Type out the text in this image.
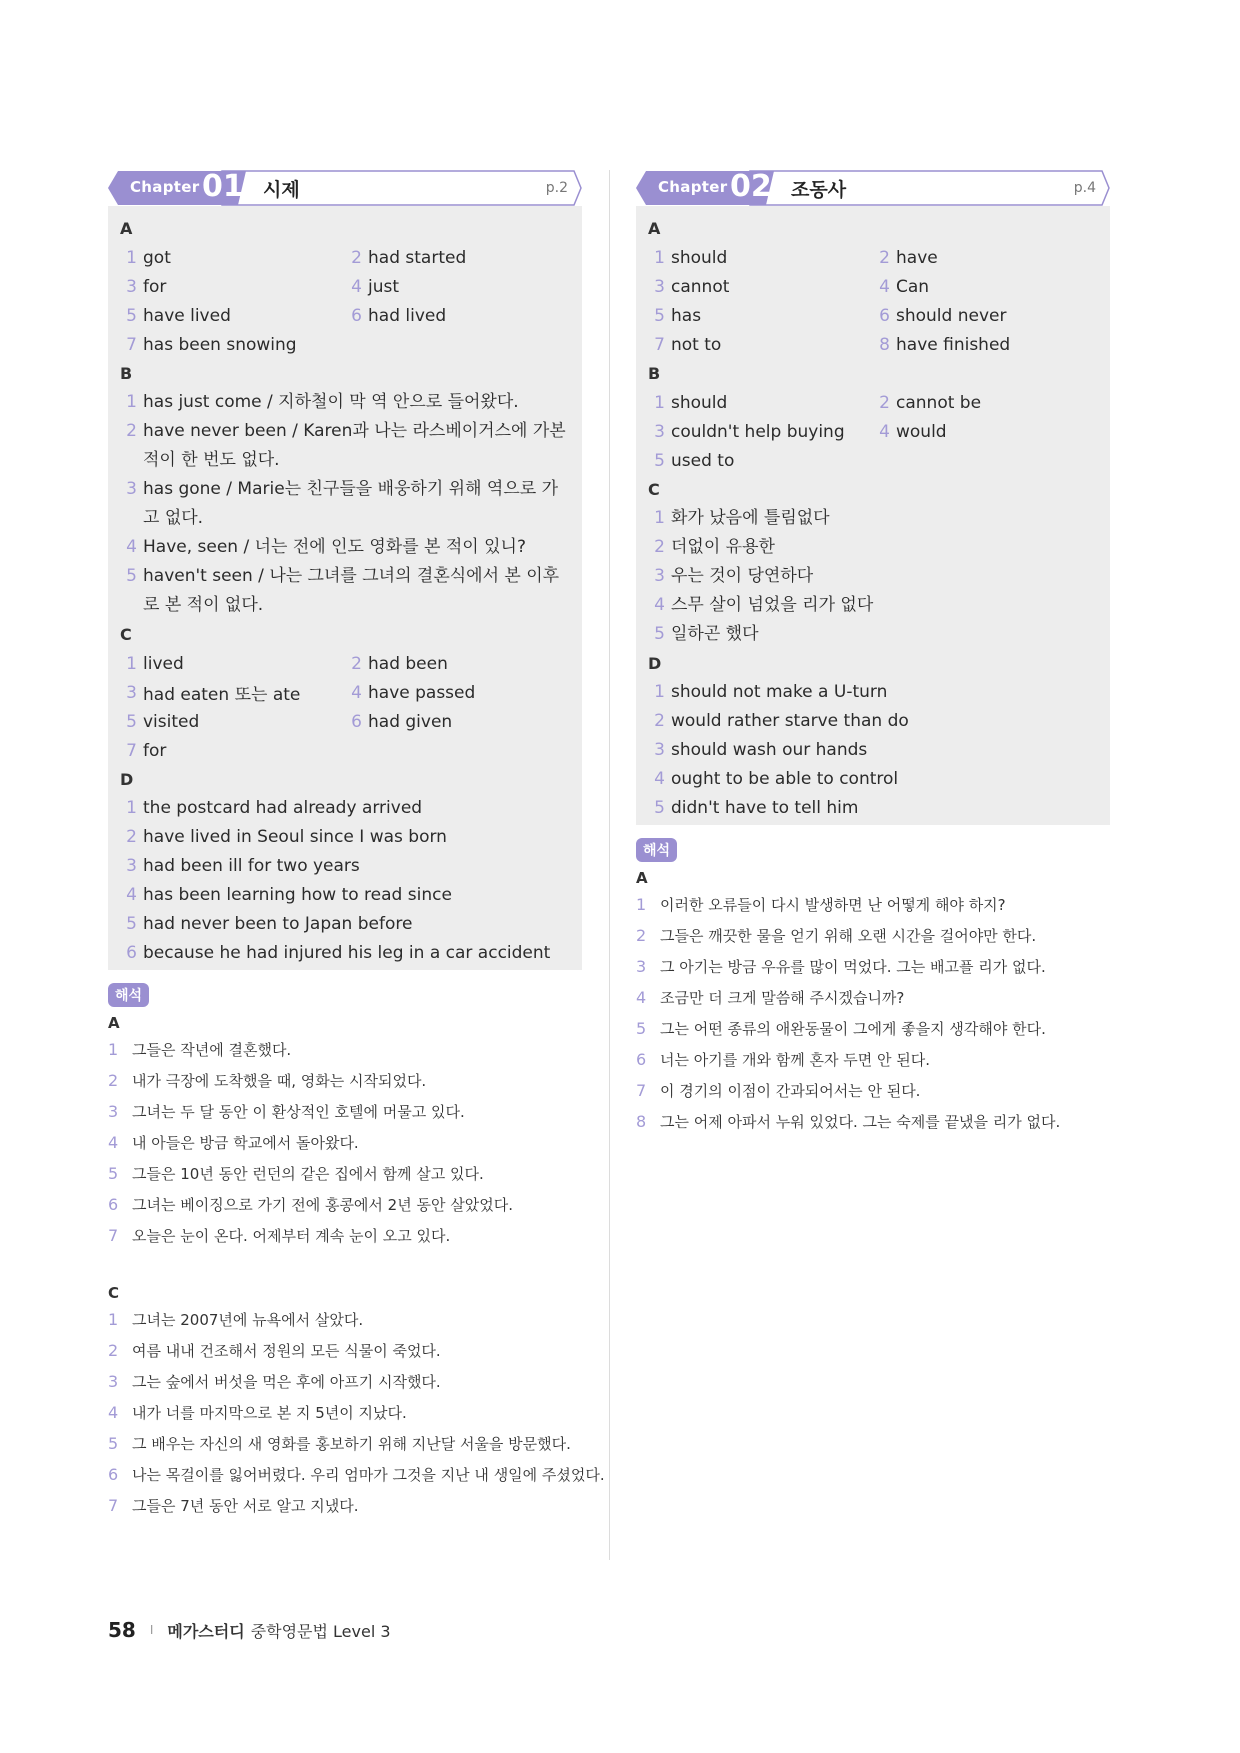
Chapter 01 시제	p.2
A
1 got	2 had started
3 for	4 just
5 have lived	6 had lived
7 has been snowing
B
1 has just come / 지하철이 막 역 안으로 들어왔다.
2 have never been / Karen과 나는 라스베이거스에 가본 적이 한 번도 없다.
3 has gone / Marie는 친구들을 배웅하기 위해 역으로 가고 없다.
4 Have, seen / 너는 전에 인도 영화를 본 적이 있니?
5 haven't seen / 나는 그녀를 그녀의 결혼식에서 본 이후로 본 적이 없다.
C
1 lived	2 had been
3 had eaten 또는 ate	4 have passed
5 visited	6 had given
7 for
D
1 the postcard had already arrived
2 have lived in Seoul since I was born
3 had been ill for two years
4 has been learning how to read since
5 had never been to Japan before
6 because he had injured his leg in a car accident
해석
A
1 그들은 작년에 결혼했다.
2 내가 극장에 도착했을 때, 영화는 시작되었다.
3 그녀는 두 달 동안 이 환상적인 호텔에 머물고 있다.
4 내 아들은 방금 학교에서 돌아왔다.
5 그들은 10년 동안 런던의 같은 집에서 함께 살고 있다.
6 그녀는 베이징으로 가기 전에 홍콩에서 2년 동안 살았었다.
7 오늘은 눈이 온다. 어제부터 계속 눈이 오고 있다.
C
1 그녀는 2007년에 뉴욕에서 살았다.
2 여름 내내 건조해서 정원의 모든 식물이 죽었다.
3 그는 숲에서 버섯을 먹은 후에 아프기 시작했다.
4 내가 너를 마지막으로 본 지 5년이 지났다.
5 그 배우는 자신의 새 영화를 홍보하기 위해 지난달 서울을 방문했다.
6 나는 목걸이를 잃어버렸다. 우리 엄마가 그것을 지난 내 생일에 주셨었다.
7 그들은 7년 동안 서로 알고 지냈다.
Chapter 02 조동사	p.4
A
1 should	2 have
3 cannot	4 Can
5 has	6 should never
7 not to	8 have finished
B
1 should	2 cannot be
3 couldn't help buying	4 would
5 used to
C
1 화가 났음에 틀림없다
2 더없이 유용한
3 우는 것이 당연하다
4 스무 살이 넘었을 리가 없다
5 일하곤 했다
D
1 should not make a U-turn
2 would rather starve than do
3 should wash our hands
4 ought to be able to control
5 didn't have to tell him
해석
A
1 이러한 오류들이 다시 발생하면 난 어떻게 해야 하지?
2 그들은 깨끗한 물을 얻기 위해 오랜 시간을 걸어야만 한다.
3 그 아기는 방금 우유를 많이 먹었다. 그는 배고플 리가 없다.
4 조금만 더 크게 말씀해 주시겠습니까?
5 그는 어떤 종류의 애완동물이 그에게 좋을지 생각해야 한다.
6 너는 아기를 개와 함께 혼자 두면 안 된다.
7 이 경기의 이점이 간과되어서는 안 된다.
8 그는 어제 아파서 누워 있었다. 그는 숙제를 끝냈을 리가 없다.
58 I 메가스터디 중학영문법 Level 3
